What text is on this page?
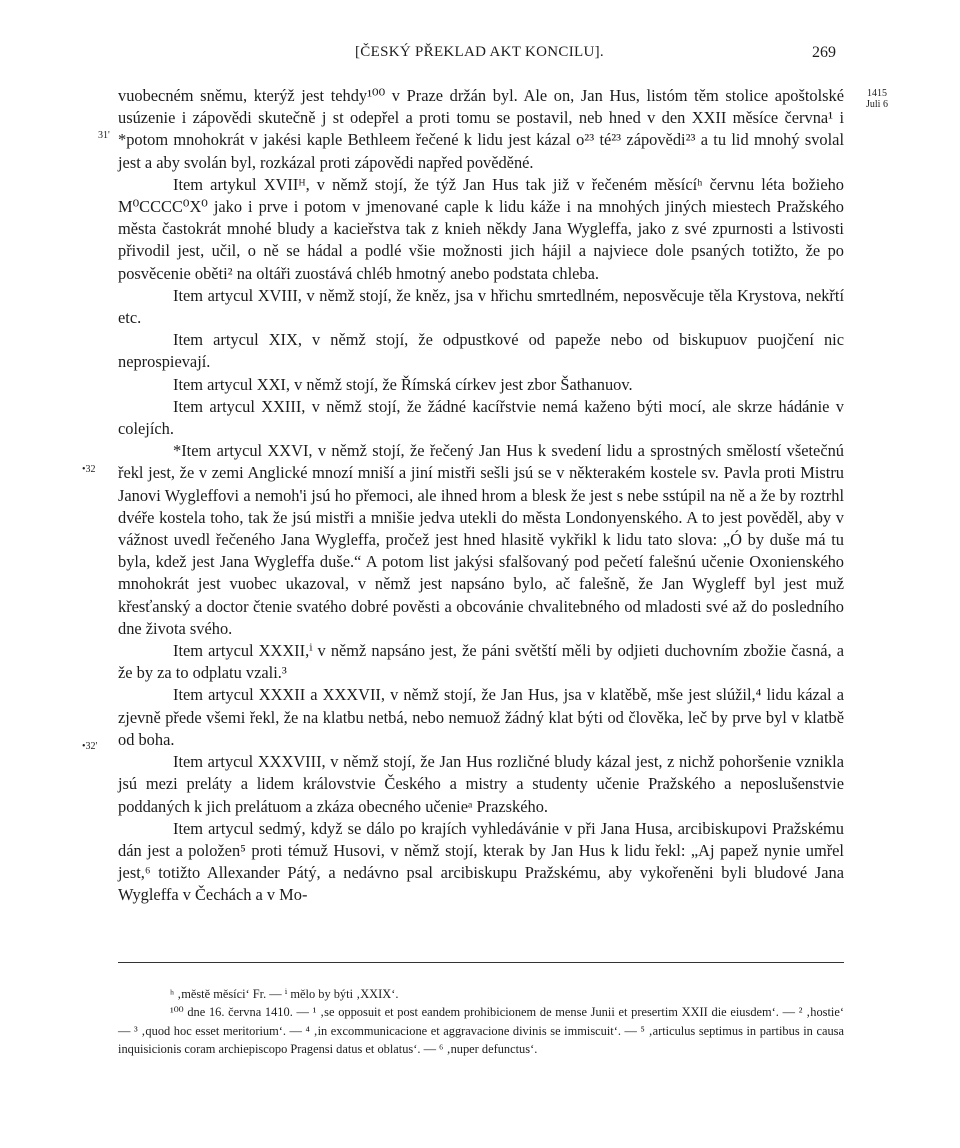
[ČESKÝ PŘEKLAD AKT KONCILU].	269
1415
Juli 6
31'
•32
•32'

vuobecném sněmu, kterýž jest tehdy¹⁰⁰ v Praze držán byl. Ale on, Jan Hus, listóm těm stolice apoštolské usúzenie i zápovědi skutečně j st odepřel a proti tomu se postavil, neb hned v den XXII měsíce června¹ i *potom mnohokrát v jakési kaple Bethleem řečené k lidu jest kázal o²³ té²³ zápovědi²³ a tu lid mnohý svolal jest a aby svolán byl, rozkázal proti zápovědi napřed pověděné.

Item artykul XVIIᴴ, v němž stojí, že týž Jan Hus tak již v řečeném měsícíʰ červnu léta božieho M⁰CCCC⁰X⁰ jako i prve i potom v jmenované caple k lidu káže i na mnohých jiných miestech Pražského města častokrát mnohé bludy a kacieřstva tak z knieh někdy Jana Wygleffa, jako z své zpurnosti a lstivosti přivodil jest, učil, o ně se hádal a podlé všie možnosti jich hájil a najviece dole psaných totižto, že po posvěcenie oběti² na oltáři zuostává chléb hmotný anebo podstata chleba.

Item artycul XVIII, v němž stojí, že kněz, jsa v hřichu smrtedlném, neposvěcuje těla Krystova, nekřtí etc.

Item artycul XIX, v němž stojí, že odpustkové od papeže nebo od biskupuov puojčení nic neprospievají.

Item artycul XXI, v němž stojí, že Římská církev jest zbor Šathanuov.

Item artycul XXIII, v němž stojí, že žádné kacířstvie nemá kaženo býti mocí, ale skrze hádánie v colejích.

*Item artycul XXVI, v němž stojí, že řečený Jan Hus k svedení lidu a sprostných smělostí všetečnú řekl jest, že v zemi Anglické mnozí mniší a jiní mistři sešli jsú se v některakém kostele sv. Pavla proti Mistru Janovi Wygleffovi a nemoh'i jsú ho přemoci, ale ihned hrom a blesk že jest s nebe sstúpil na ně a že by roztrhl dvéře kostela toho, tak že jsú mistři a mnišie jedva utekli do města Londonyenského. A to jest pověděl, aby v vážnost uvedl řečeného Jana Wygleffa, pročež jest hned hlasitě vykřikl k lidu tato slova: „Ó by duše má tu byla, kdež jest Jana Wygleffa duše.“ A potom list jakýsi sfalšovaný pod pečetí falešnú učenie Oxonienského mnohokrát jest vuobec ukazoval, v němž jest napsáno bylo, ač falešně, že Jan Wygleff byl jest muž křesťanský a doctor čtenie svatého dobré pověsti a obcovánie chvalitebného od mladosti své až do posledního dne života svého.

Item artycul XXXII,ⁱ v němž napsáno jest, že páni světští měli by odjieti duchovním zbožie časná, a že by za to odplatu vzali.³

Item artycul XXXII a XXXVII, v němž stojí, že Jan Hus, jsa v klatěbě, mše jest slúžil,⁴ lidu kázal a zjevně přede všemi řekl, že na klatbu netbá, nebo nemuož žádný klat býti od člověka, leč by prve byl v klatbě od boha.

Item artycul XXXVIII, v němž stojí, že Jan Hus rozličné bludy kázal jest, z nichž pohoršenie vznikla jsú mezi preláty a lidem královstvie Českého a mistry a studenty učenie Pražského a neposlušenstvie poddaných k jich prelátuom a zkáza obecného učenieᵃ Prazského.

Item artycul sedmý, když se dálo po krajích vyhledávánie v při Jana Husa, arcibiskupovi Pražskému dán jest a položen⁵ proti témuž Husovi, v němž stojí, kterak by Jan Hus k lidu řekl: „Aj papež nynie umřel jest,⁶ totižto Allexander Pátý, a nedávno psal arcibiskupu Pražskému, aby vykořeněni byli bludové Jana Wygleffa v Čechách a v Mo-

ʰ ‚městě měsíci‘ Fr. — ⁱ mělo by býti ‚XXIX‘.

¹⁰⁰ dne 16. června 1410. — ¹ ‚se opposuit et post eandem prohibicionem de mense Junii et presertim XXII die eiusdem‘. — ² ‚hostie‘ — ³ ‚quod hoc esset meritorium‘. — ⁴ ‚in excommunicacione et aggravacione divinis se immiscuit‘. — ⁵ ‚articulus septimus in partibus in causa inquisicionis coram archiepiscopo Pragensi datus et oblatus‘. — ⁶ ‚nuper defunctus‘.
